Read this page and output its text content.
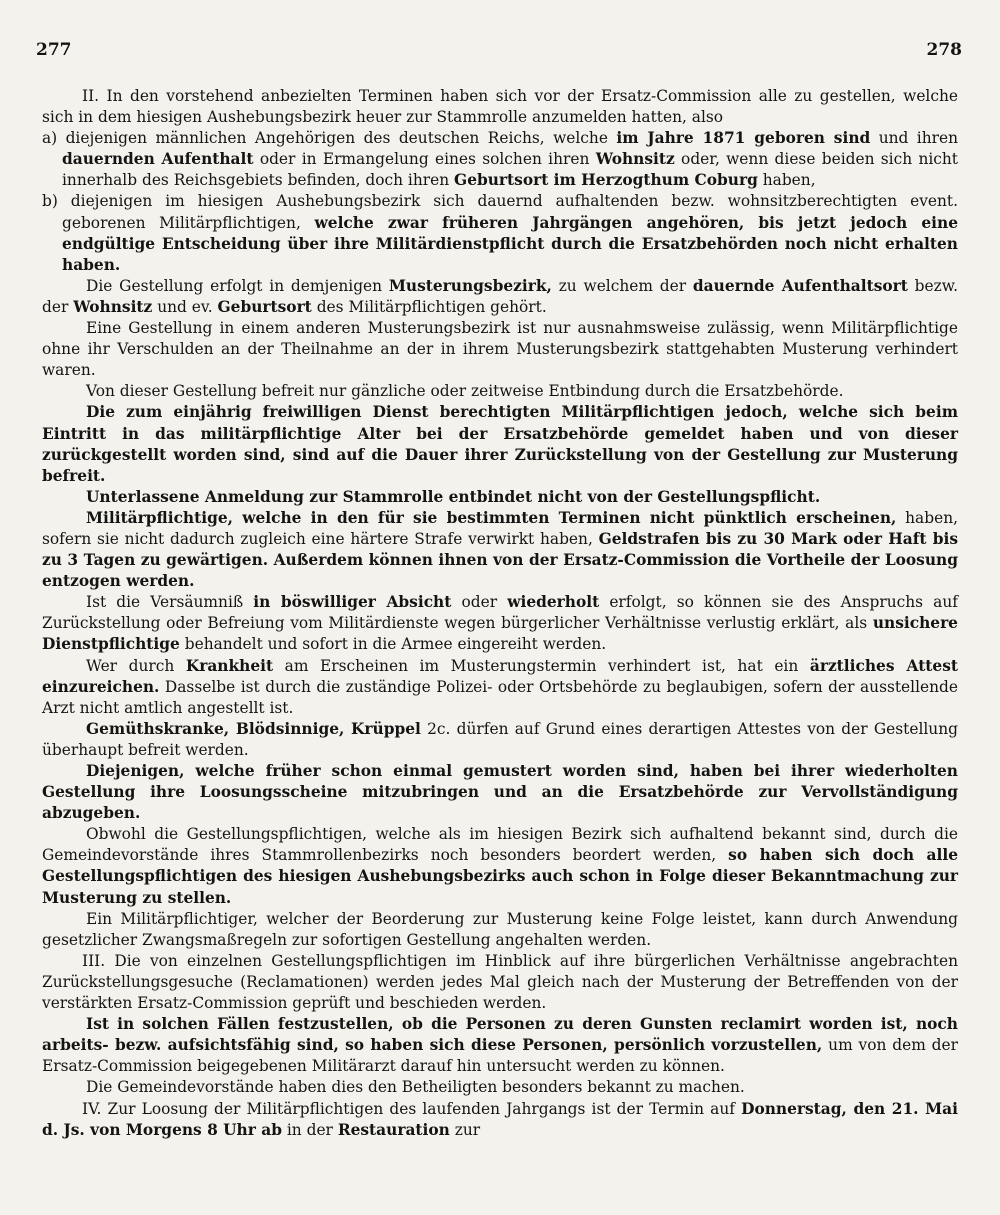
277	278

II. In den vorstehend anbezielten Terminen haben sich vor der Ersatz-Commission alle zu gestellen, welche sich in dem hiesigen Aushebungsbezirk heuer zur Stammrolle anzumelden hatten, also

a) diejenigen männlichen Angehörigen des deutschen Reichs, welche im Jahre 1871 geboren sind und ihren dauernden Aufenthalt oder in Ermangelung eines solchen ihren Wohnsitz oder, wenn diese beiden sich nicht innerhalb des Reichsgebiets befinden, doch ihren Geburtsort im Herzogthum Coburg haben,

b) diejenigen im hiesigen Aushebungsbezirk sich dauernd aufhaltenden bezw. wohnsitzberechtigten event. geborenen Militärpflichtigen, welche zwar früheren Jahrgängen angehören, bis jetzt jedoch eine endgültige Entscheidung über ihre Militärdienstpflicht durch die Ersatzbehörden noch nicht erhalten haben.

Die Gestellung erfolgt in demjenigen Musterungsbezirk, zu welchem der dauernde Aufenthaltsort bezw. der Wohnsitz und ev. Geburtsort des Militärpflichtigen gehört.

Eine Gestellung in einem anderen Musterungsbezirk ist nur ausnahmsweise zulässig, wenn Militärpflichtige ohne ihr Verschulden an der Theilnahme an der in ihrem Musterungsbezirk stattgehabten Musterung verhindert waren.

Von dieser Gestellung befreit nur gänzliche oder zeitweise Entbindung durch die Ersatzbehörde.

Die zum einjährig freiwilligen Dienst berechtigten Militärpflichtigen jedoch, welche sich beim Eintritt in das militärpflichtige Alter bei der Ersatzbehörde gemeldet haben und von dieser zurückgestellt worden sind, sind auf die Dauer ihrer Zurückstellung von der Gestellung zur Musterung befreit.

Unterlassene Anmeldung zur Stammrolle entbindet nicht von der Gestellungspflicht.

Militärpflichtige, welche in den für sie bestimmten Terminen nicht pünktlich erscheinen, haben, sofern sie nicht dadurch zugleich eine härtere Strafe verwirkt haben, Geldstrafen bis zu 30 Mark oder Haft bis zu 3 Tagen zu gewärtigen. Außerdem können ihnen von der Ersatz-Commission die Vortheile der Loosung entzogen werden.

Ist die Versäumniß in böswilliger Absicht oder wiederholt erfolgt, so können sie des Anspruchs auf Zurückstellung oder Befreiung vom Militärdienste wegen bürgerlicher Verhältnisse verlustig erklärt, als unsichere Dienstpflichtige behandelt und sofort in die Armee eingereiht werden.

Wer durch Krankheit am Erscheinen im Musterungstermin verhindert ist, hat ein ärztliches Attest einzureichen. Dasselbe ist durch die zuständige Polizei- oder Ortsbehörde zu beglaubigen, sofern der ausstellende Arzt nicht amtlich angestellt ist.

Gemüthskranke, Blödsinnige, Krüppel 2c. dürfen auf Grund eines derartigen Attestes von der Gestellung überhaupt befreit werden.

Diejenigen, welche früher schon einmal gemustert worden sind, haben bei ihrer wiederholten Gestellung ihre Loosungsscheine mitzubringen und an die Ersatzbehörde zur Vervollständigung abzugeben.

Obwohl die Gestellungspflichtigen, welche als im hiesigen Bezirk sich aufhaltend bekannt sind, durch die Gemeindevorstände ihres Stammrollenbezirks noch besonders beordert werden, so haben sich doch alle Gestellungspflichtigen des hiesigen Aushebungsbezirks auch schon in Folge dieser Bekanntmachung zur Musterung zu stellen.

Ein Militärpflichtiger, welcher der Beorderung zur Musterung keine Folge leistet, kann durch Anwendung gesetzlicher Zwangsmaßregeln zur sofortigen Gestellung angehalten werden.

III. Die von einzelnen Gestellungspflichtigen im Hinblick auf ihre bürgerlichen Verhältnisse angebrachten Zurückstellungsgesuche (Reclamationen) werden jedes Mal gleich nach der Musterung der Betreffenden von der verstärkten Ersatz-Commission geprüft und beschieden werden.

Ist in solchen Fällen festzustellen, ob die Personen zu deren Gunsten reclamirt worden ist, noch arbeits- bezw. aufsichtsfähig sind, so haben sich diese Personen, persönlich vorzustellen, um von dem der Ersatz-Commission beigegebenen Militärarzt darauf hin untersucht werden zu können.

Die Gemeindevorstände haben dies den Betheiligten besonders bekannt zu machen.

IV. Zur Loosung der Militärpflichtigen des laufenden Jahrgangs ist der Termin auf Donnerstag, den 21. Mai d. Js. von Morgens 8 Uhr ab in der Restauration zur
